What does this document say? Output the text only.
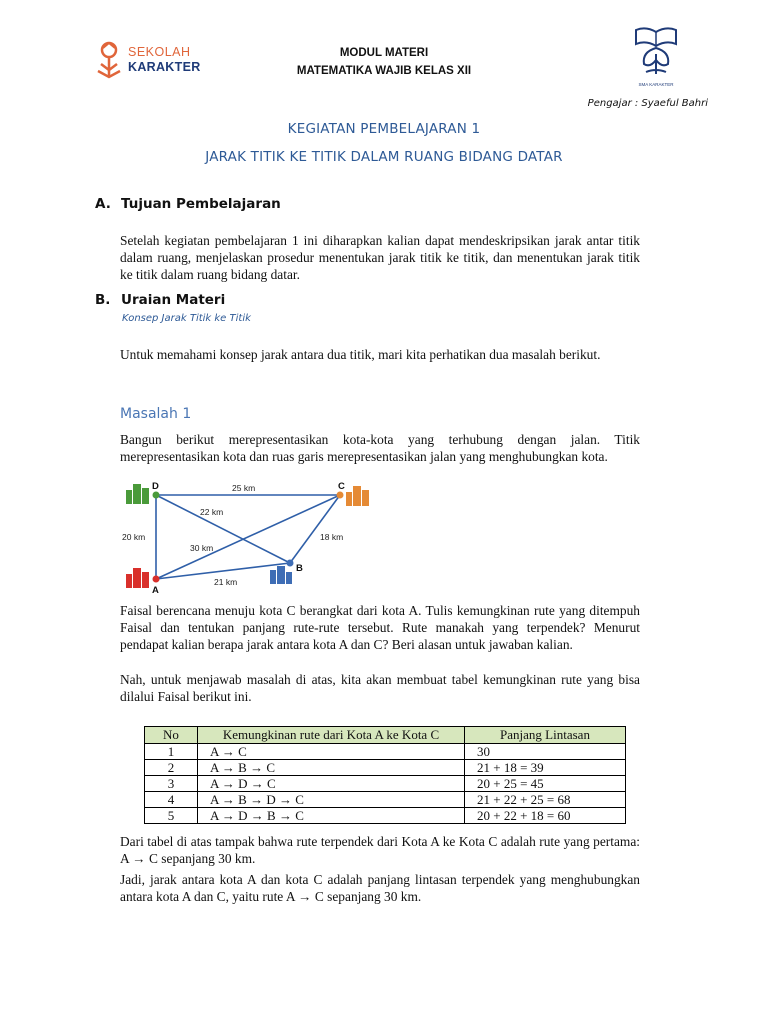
SEKOLAH
KARAKTER
MODUL MATERI
MATEMATIKA WAJIB KELAS XII
SMA KARAKTER
Pengajar : Syaeful Bahri
KEGIATAN PEMBELAJARAN 1
JARAK TITIK KE TITIK DALAM RUANG BIDANG DATAR
A. Tujuan Pembelajaran
Setelah kegiatan pembelajaran 1 ini diharapkan kalian dapat mendeskripsikan jarak antar titik dalam ruang, menjelaskan prosedur menentukan jarak titik ke titik, dan menentukan jarak titik ke titik dalam ruang bidang datar.
B. Uraian Materi
Konsep Jarak Titik ke Titik
Untuk memahami konsep jarak antara dua titik, mari kita perhatikan dua masalah berikut.
Masalah 1
Bangun berikut merepresentasikan kota-kota yang terhubung dengan jalan. Titik merepresentasikan kota dan ruas garis merepresentasikan jalan yang menghubungkan kota.
D	C
B
A
25 km
22 km
20 km
30 km
18 km
21 km
Faisal berencana menuju kota C berangkat dari kota A. Tulis kemungkinan rute yang ditempuh Faisal dan tentukan panjang rute-rute tersebut. Rute manakah yang terpendek? Menurut pendapat kalian berapa jarak antara kota A dan C? Beri alasan untuk jawaban kalian.
Nah, untuk menjawab masalah di atas, kita akan membuat tabel kemungkinan rute yang bisa dilalui Faisal berikut ini.
No	Kemungkinan rute dari Kota A ke Kota C	Panjang Lintasan
1	A → C	30
2	A → B → C	21 + 18 = 39
3	A → D → C	20 + 25 = 45
4	A → B → D → C	21 + 22 + 25 = 68
5	A → D → B → C	20 + 22 + 18 = 60
Dari tabel di atas tampak bahwa rute terpendek dari Kota A ke Kota C adalah rute yang pertama: A → C sepanjang 30 km.
Jadi, jarak antara kota A dan kota C adalah panjang lintasan terpendek yang menghubungkan antara kota A dan C, yaitu rute A → C sepanjang 30 km.
